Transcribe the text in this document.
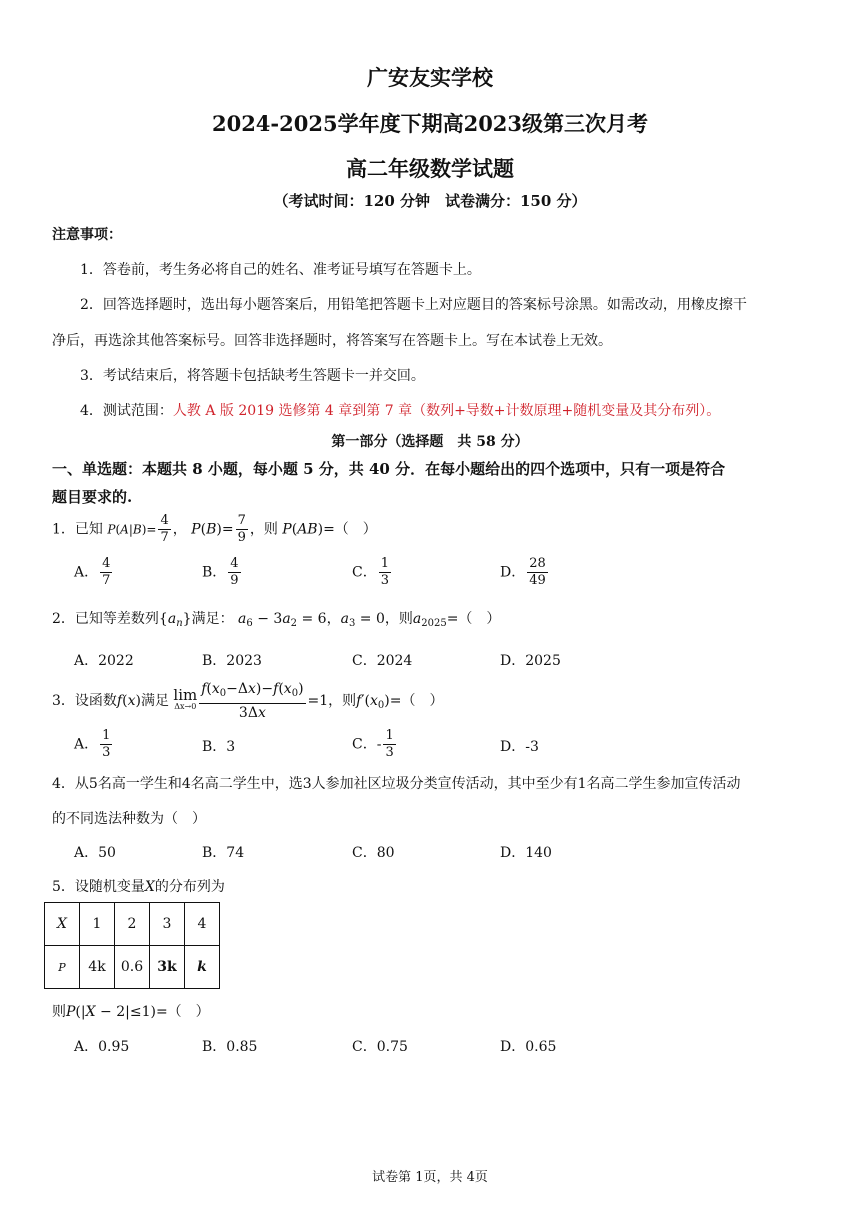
广安友实学校
2024-2025学年度下期高2023级第三次月考
高二年级数学试题
（考试时间：120 分钟　试卷满分：150 分）
注意事项：
1．答卷前，考生务必将自己的姓名、准考证号填写在答题卡上。
2．回答选择题时，选出每小题答案后，用铅笔把答题卡上对应题目的答案标号涂黑。如需改动，用橡皮擦干
净后，再选涂其他答案标号。回答非选择题时，将答案写在答题卡上。写在本试卷上无效。
3．考试结束后，将答题卡包括缺考生答题卡一并交回。
4．测试范围：人教 A 版 2019 选修第 4 章到第 7 章（数列+导数+计数原理+随机变量及其分布列）。
第一部分（选择题　共 58 分）
一、单选题：本题共 8 小题，每小题 5 分，共 40 分．在每小题给出的四个选项中，只有一项是符合
题目要求的.
1．已知 $P(A|B)= \frac{4}{7}$ ， $P(B)= \frac{7}{9}$ ，则 P(AB)=（　）
A． $\frac{4}{7}$	B． $\frac{4}{9}$	C． $\frac{1}{3}$	D． $\frac{28}{49}$
2．已知等差数列$\{a_n\}$满足： $a_6 - 3a_2 = 6$，$a_3 = 0$，则$a_{2025}=$（　）
A．2022	B．2023	C．2024	D．2025
3．设函数f(x)满足 lim
$\Delta x\to 0 \frac{f(x_0-\Delta x)-f(x_0)}{3\Delta x} =1$，则$f'(x_0)=$（　）
A． $\frac{1}{3}$	B．3	C．- $\frac{1}{3}$	D．-3
4．从5名高一学生和4名高二学生中，选3人参加社区垃圾分类宣传活动，其中至少有1名高二学生参加宣传活动
的不同选法种数为（　）
A．50	B．74	C．80	D．140
5．设随机变量X的分布列为
X	1	2	3	4
P	4k	0.6	3k	k
则P(|X − 2|≤1)=（　）
A．0.95	B．0.85	C．0.75	D．0.65
试卷第 1页，共 4页
